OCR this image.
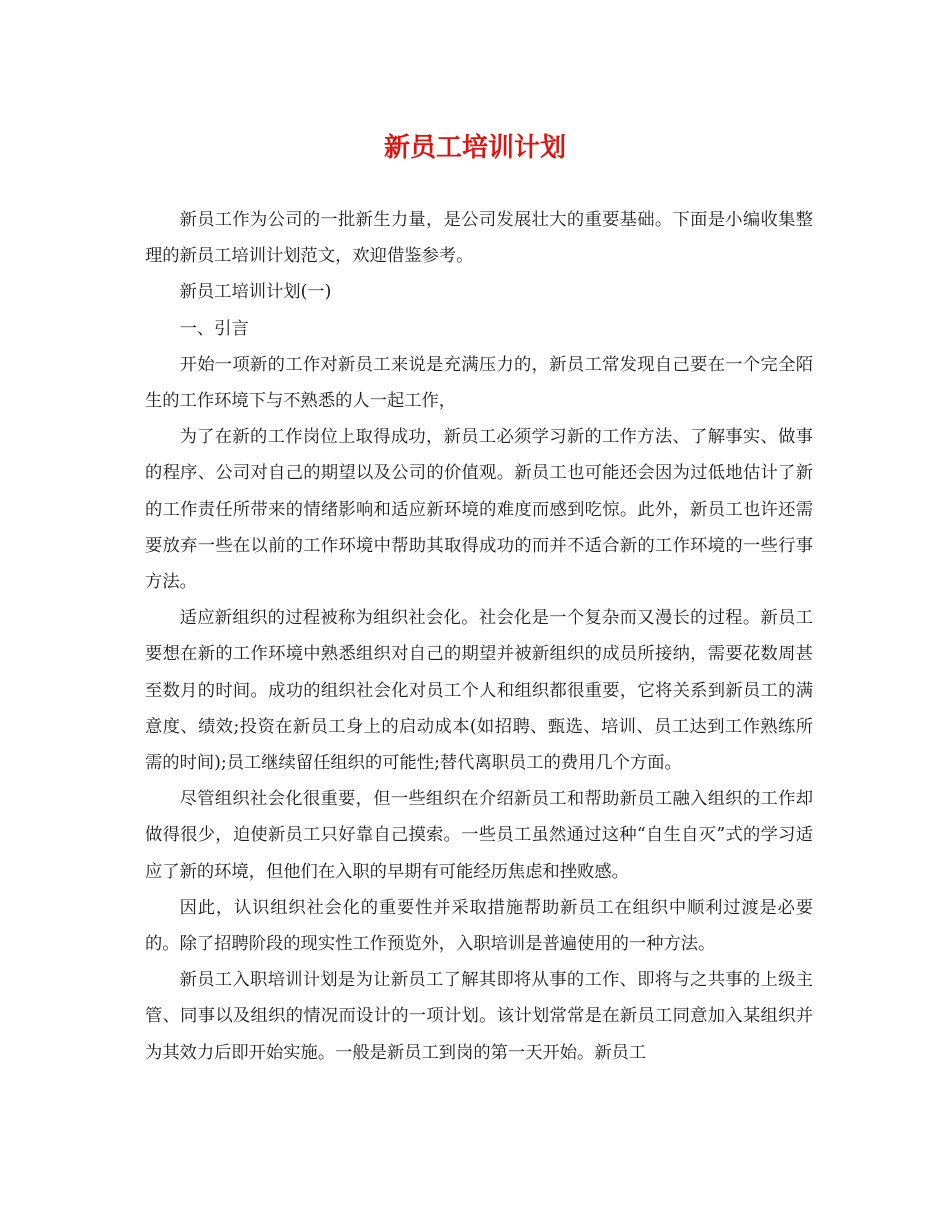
新员工培训计划

新员工作为公司的一批新生力量，是公司发展壮大的重要基础。下面是小编收集整理的新员工培训计划范文，欢迎借鉴参考。

新员工培训计划(一)

一、引言

开始一项新的工作对新员工来说是充满压力的，新员工常发现自己要在一个完全陌生的工作环境下与不熟悉的人一起工作，

为了在新的工作岗位上取得成功，新员工必须学习新的工作方法、了解事实、做事的程序、公司对自己的期望以及公司的价值观。新员工也可能还会因为过低地估计了新的工作责任所带来的情绪影响和适应新环境的难度而感到吃惊。此外，新员工也许还需要放弃一些在以前的工作环境中帮助其取得成功的而并不适合新的工作环境的一些行事方法。

适应新组织的过程被称为组织社会化。社会化是一个复杂而又漫长的过程。新员工要想在新的工作环境中熟悉组织对自己的期望并被新组织的成员所接纳，需要花数周甚至数月的时间。成功的组织社会化对员工个人和组织都很重要，它将关系到新员工的满意度、绩效;投资在新员工身上的启动成本(如招聘、甄选、培训、员工达到工作熟练所需的时间);员工继续留任组织的可能性;替代离职员工的费用几个方面。

尽管组织社会化很重要，但一些组织在介绍新员工和帮助新员工融入组织的工作却做得很少，迫使新员工只好靠自己摸索。一些员工虽然通过这种“自生自灭”式的学习适应了新的环境，但他们在入职的早期有可能经历焦虑和挫败感。

因此，认识组织社会化的重要性并采取措施帮助新员工在组织中顺利过渡是必要的。除了招聘阶段的现实性工作预览外，入职培训是普遍使用的一种方法。

新员工入职培训计划是为让新员工了解其即将从事的工作、即将与之共事的上级主管、同事以及组织的情况而设计的一项计划。该计划常常是在新员工同意加入某组织并为其效力后即开始实施。一般是新员工到岗的第一天开始。新员工
